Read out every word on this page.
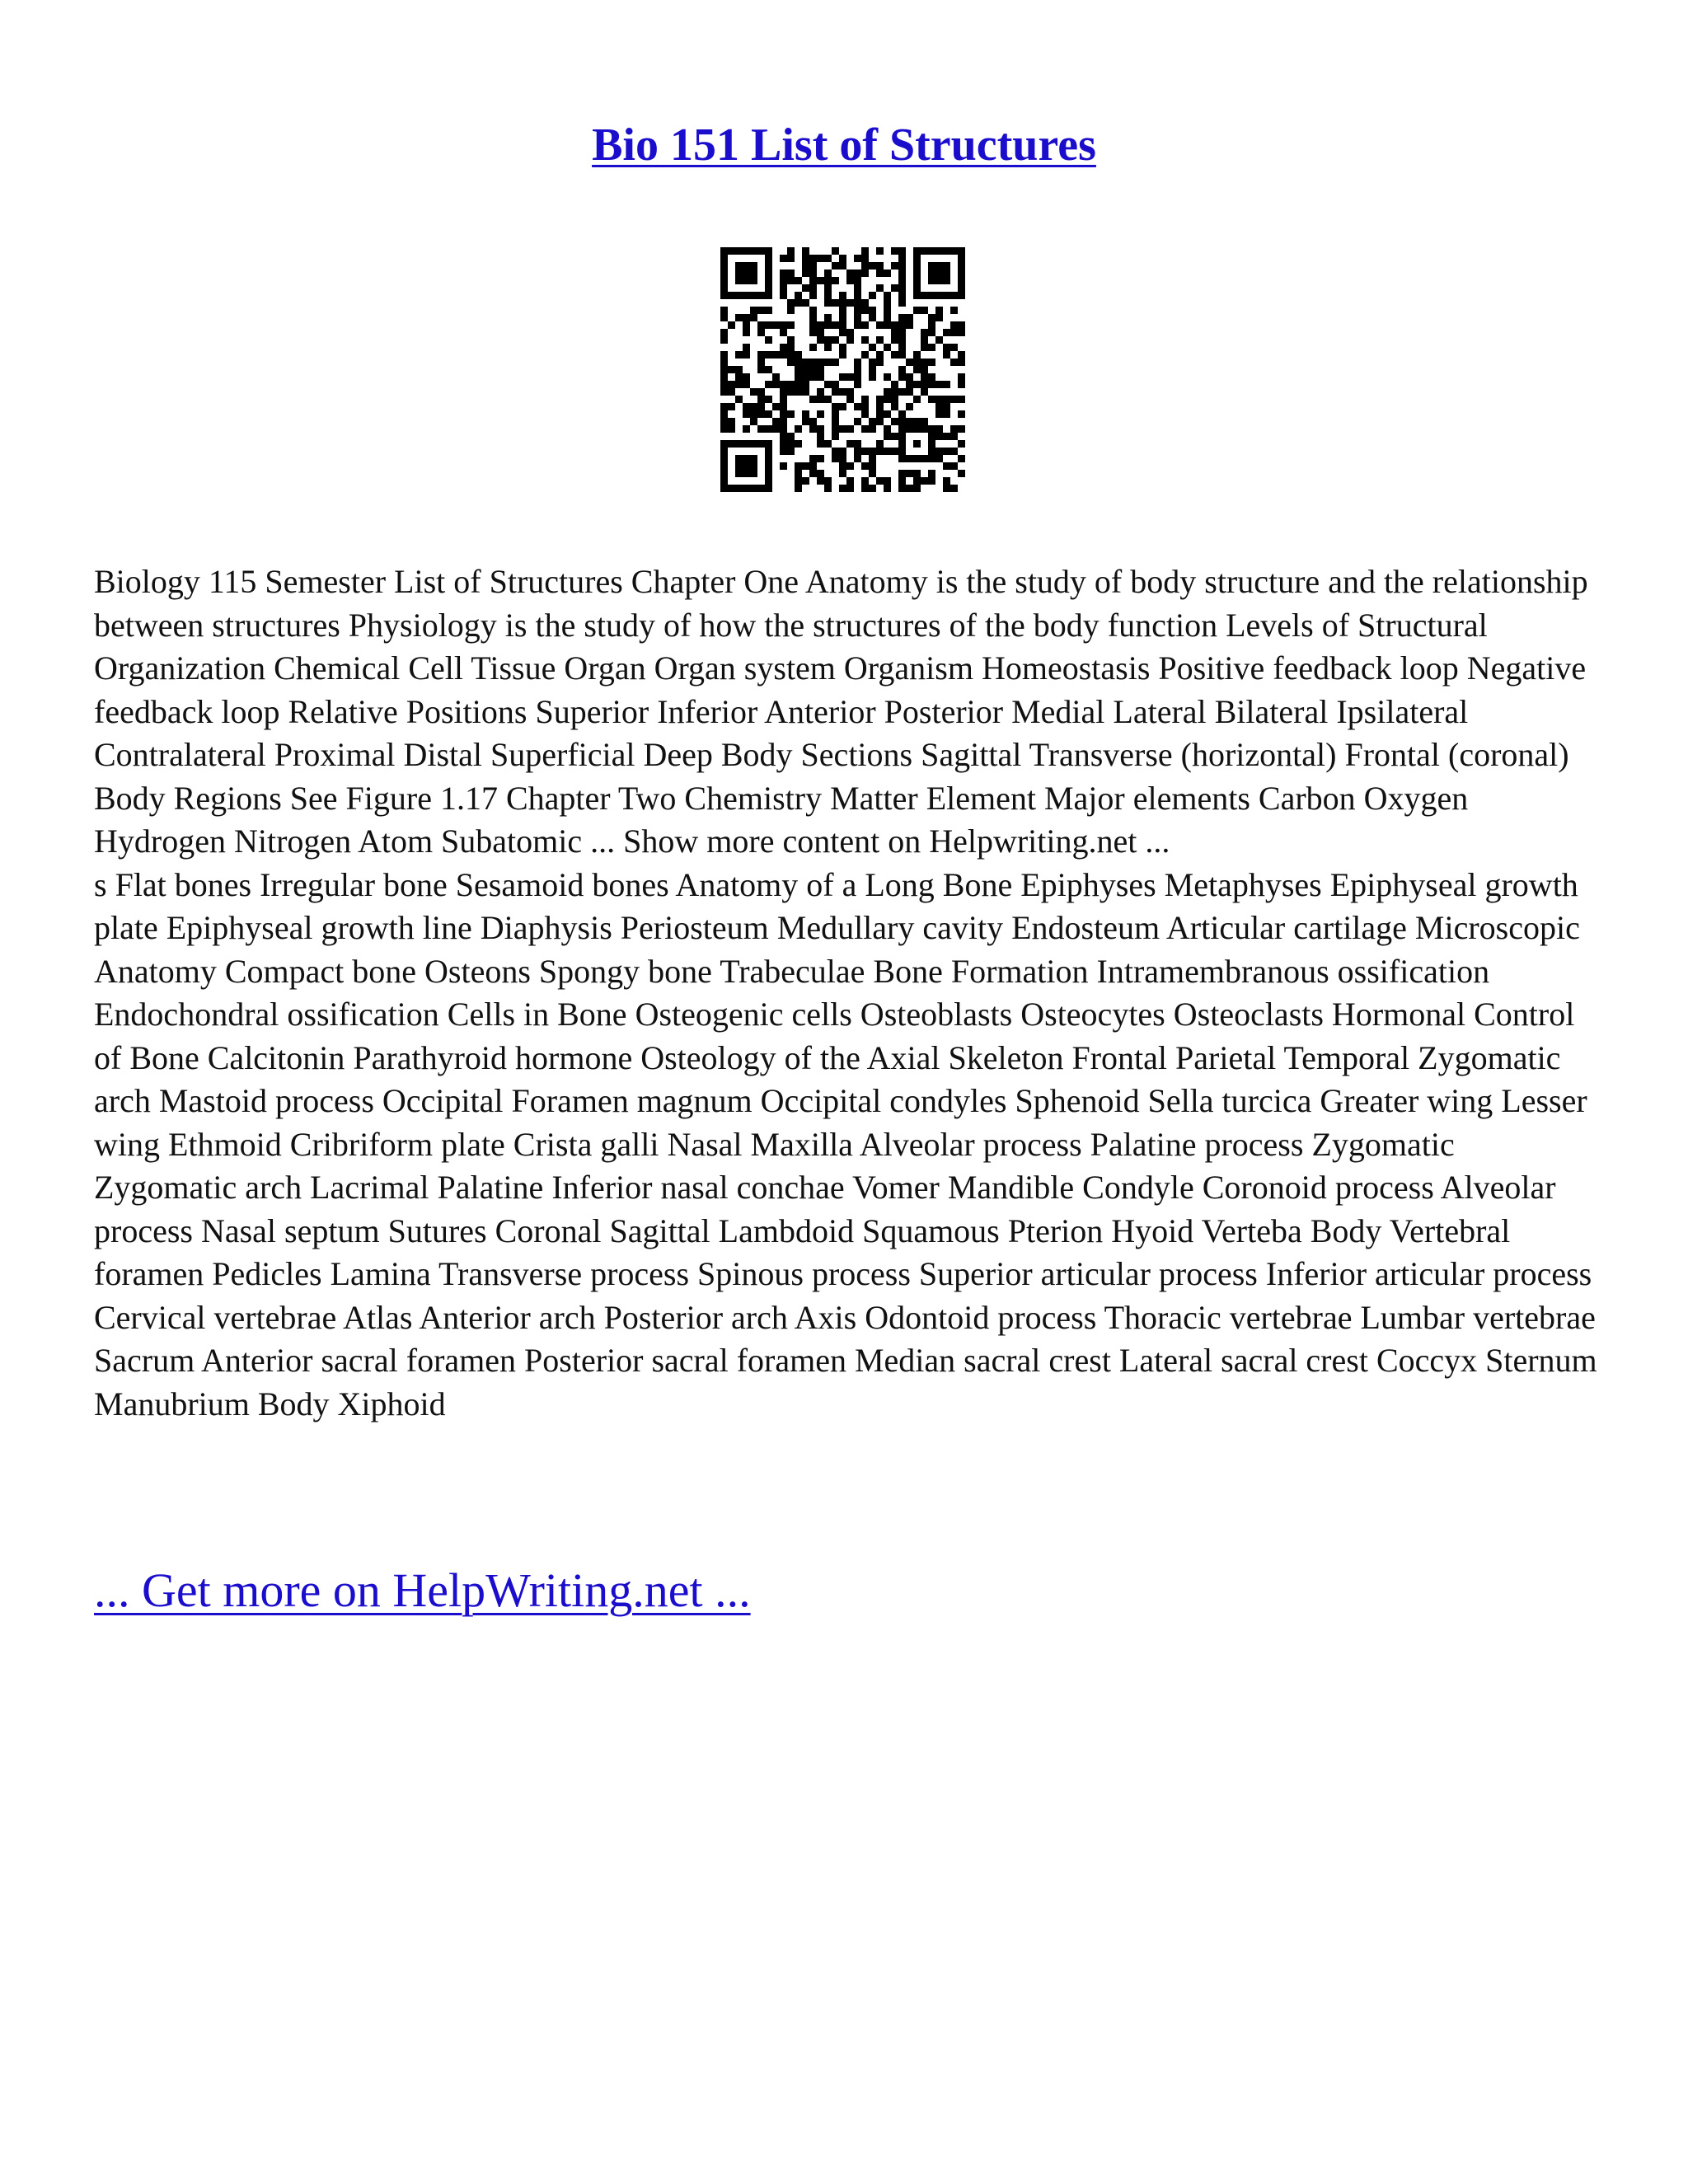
Bio 151 List of Structures

Biology 115 Semester List of Structures Chapter One Anatomy is the study of body structure and the relationship between structures Physiology is the study of how the structures of the body function Levels of Structural Organization Chemical Cell Tissue Organ Organ system Organism Homeostasis Positive feedback loop Negative feedback loop Relative Positions Superior Inferior Anterior Posterior Medial Lateral Bilateral Ipsilateral Contralateral Proximal Distal Superficial Deep Body Sections Sagittal Transverse (horizontal) Frontal (coronal) Body Regions See Figure 1.17 Chapter Two Chemistry Matter Element Major elements Carbon Oxygen Hydrogen Nitrogen Atom Subatomic ... Show more content on Helpwriting.net ...

s Flat bones Irregular bone Sesamoid bones Anatomy of a Long Bone Epiphyses Metaphyses Epiphyseal growth plate Epiphyseal growth line Diaphysis Periosteum Medullary cavity Endosteum Articular cartilage Microscopic Anatomy Compact bone Osteons Spongy bone Trabeculae Bone Formation Intramembranous ossification Endochondral ossification Cells in Bone Osteogenic cells Osteoblasts Osteocytes Osteoclasts Hormonal Control of Bone Calcitonin Parathyroid hormone Osteology of the Axial Skeleton Frontal Parietal Temporal Zygomatic arch Mastoid process Occipital Foramen magnum Occipital condyles Sphenoid Sella turcica Greater wing Lesser wing Ethmoid Cribriform plate Crista galli Nasal Maxilla Alveolar process Palatine process Zygomatic Zygomatic arch Lacrimal Palatine Inferior nasal conchae Vomer Mandible Condyle Coronoid process Alveolar process Nasal septum Sutures Coronal Sagittal Lambdoid Squamous Pterion Hyoid Verteba Body Vertebral foramen Pedicles Lamina Transverse process Spinous process Superior articular process Inferior articular process Cervical vertebrae Atlas Anterior arch Posterior arch Axis Odontoid process Thoracic vertebrae Lumbar vertebrae Sacrum Anterior sacral foramen Posterior sacral foramen Median sacral crest Lateral sacral crest Coccyx Sternum Manubrium Body Xiphoid

... Get more on HelpWriting.net ...
